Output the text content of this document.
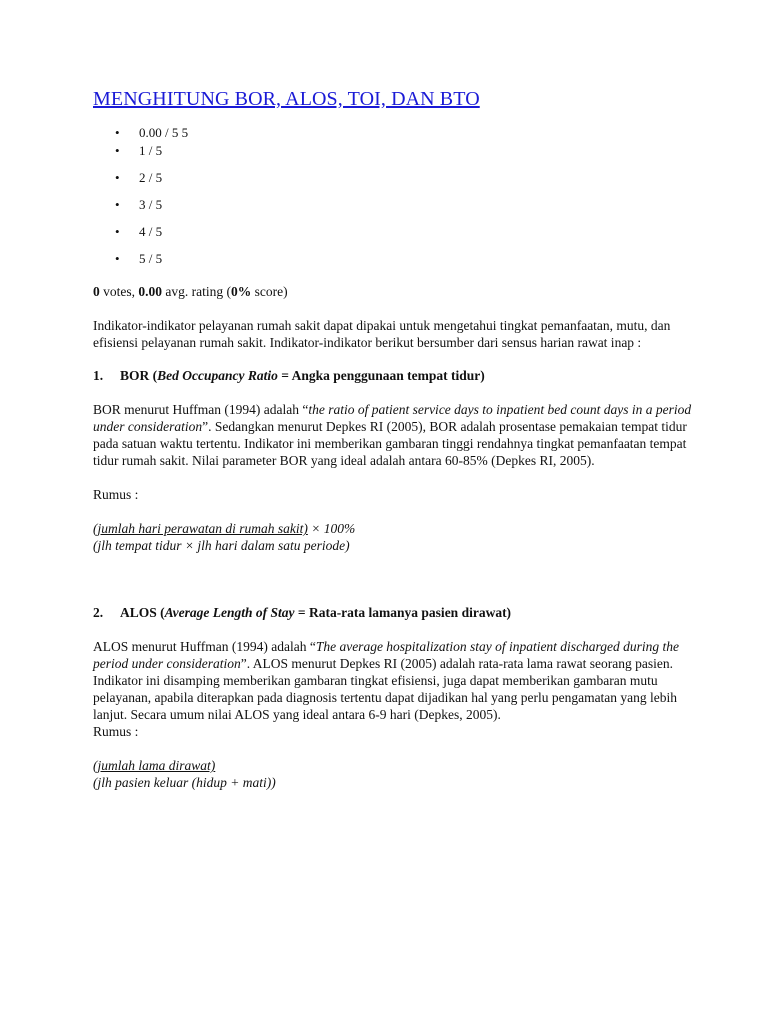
MENGHITUNG BOR, ALOS, TOI, DAN BTO
• 0.00 / 5 5
• 1 / 5
• 2 / 5
• 3 / 5
• 4 / 5
• 5 / 5
0 votes, 0.00 avg. rating (0% score)

Indikator-indikator pelayanan rumah sakit dapat dipakai untuk mengetahui tingkat pemanfaatan, mutu, dan efisiensi pelayanan rumah sakit. Indikator-indikator berikut bersumber dari sensus harian rawat inap :

1. BOR (Bed Occupancy Ratio = Angka penggunaan tempat tidur)

BOR menurut Huffman (1994) adalah “the ratio of patient service days to inpatient bed count days in a period under consideration”. Sedangkan menurut Depkes RI (2005), BOR adalah prosentase pemakaian tempat tidur pada satuan waktu tertentu. Indikator ini memberikan gambaran tinggi rendahnya tingkat pemanfaatan tempat tidur rumah sakit. Nilai parameter BOR yang ideal adalah antara 60-85% (Depkes RI, 2005).

Rumus :

(jumlah hari perawatan di rumah sakit) × 100%
(jlh tempat tidur × jlh hari dalam satu periode)

2. ALOS (Average Length of Stay = Rata-rata lamanya pasien dirawat)

ALOS menurut Huffman (1994) adalah “The average hospitalization stay of inpatient discharged during the period under consideration”. ALOS menurut Depkes RI (2005) adalah rata-rata lama rawat seorang pasien. Indikator ini disamping memberikan gambaran tingkat efisiensi, juga dapat memberikan gambaran mutu pelayanan, apabila diterapkan pada diagnosis tertentu dapat dijadikan hal yang perlu pengamatan yang lebih lanjut. Secara umum nilai ALOS yang ideal antara 6-9 hari (Depkes, 2005).

Rumus :

(jumlah lama dirawat)
(jlh pasien keluar (hidup + mati))
